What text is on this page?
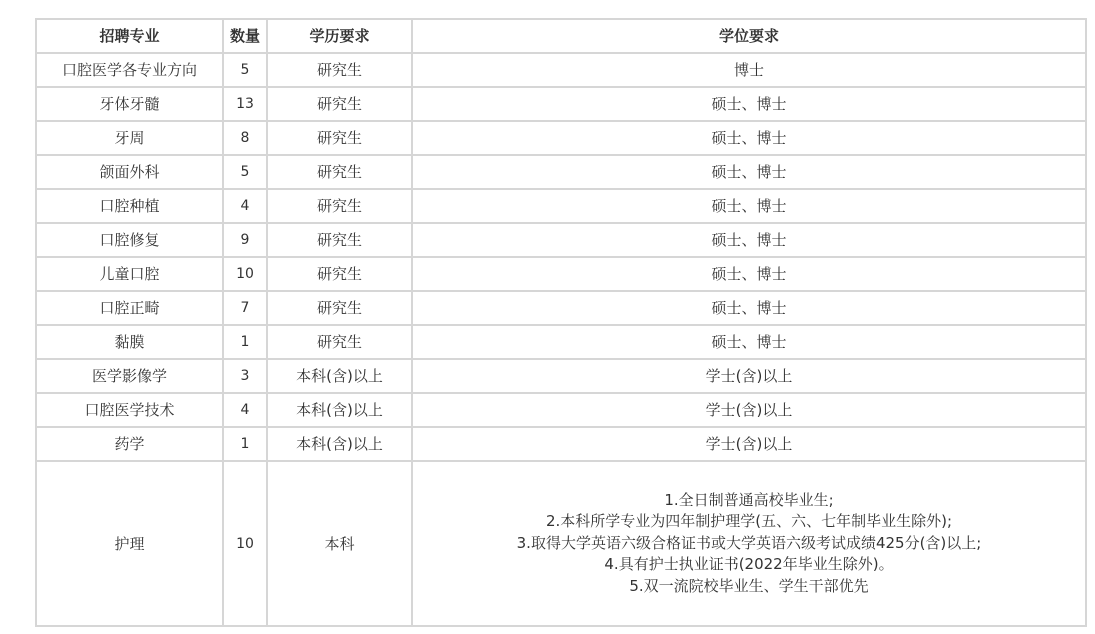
招聘专业	数量	学历要求	学位要求
口腔医学各专业方向	5	研究生	博士
牙体牙髓	13	研究生	硕士、博士
牙周	8	研究生	硕士、博士
颌面外科	5	研究生	硕士、博士
口腔种植	4	研究生	硕士、博士
口腔修复	9	研究生	硕士、博士
儿童口腔	10	研究生	硕士、博士
口腔正畸	7	研究生	硕士、博士
黏膜	1	研究生	硕士、博士
医学影像学	3	本科(含)以上	学士(含)以上
口腔医学技术	4	本科(含)以上	学士(含)以上
药学	1	本科(含)以上	学士(含)以上
护理	10	本科	1.全日制普通高校毕业生;
2.本科所学专业为四年制护理学(五、六、七年制毕业生除外);
3.取得大学英语六级合格证书或大学英语六级考试成绩425分(含)以上;
4.具有护士执业证书(2022年毕业生除外)。
5.双一流院校毕业生、学生干部优先
